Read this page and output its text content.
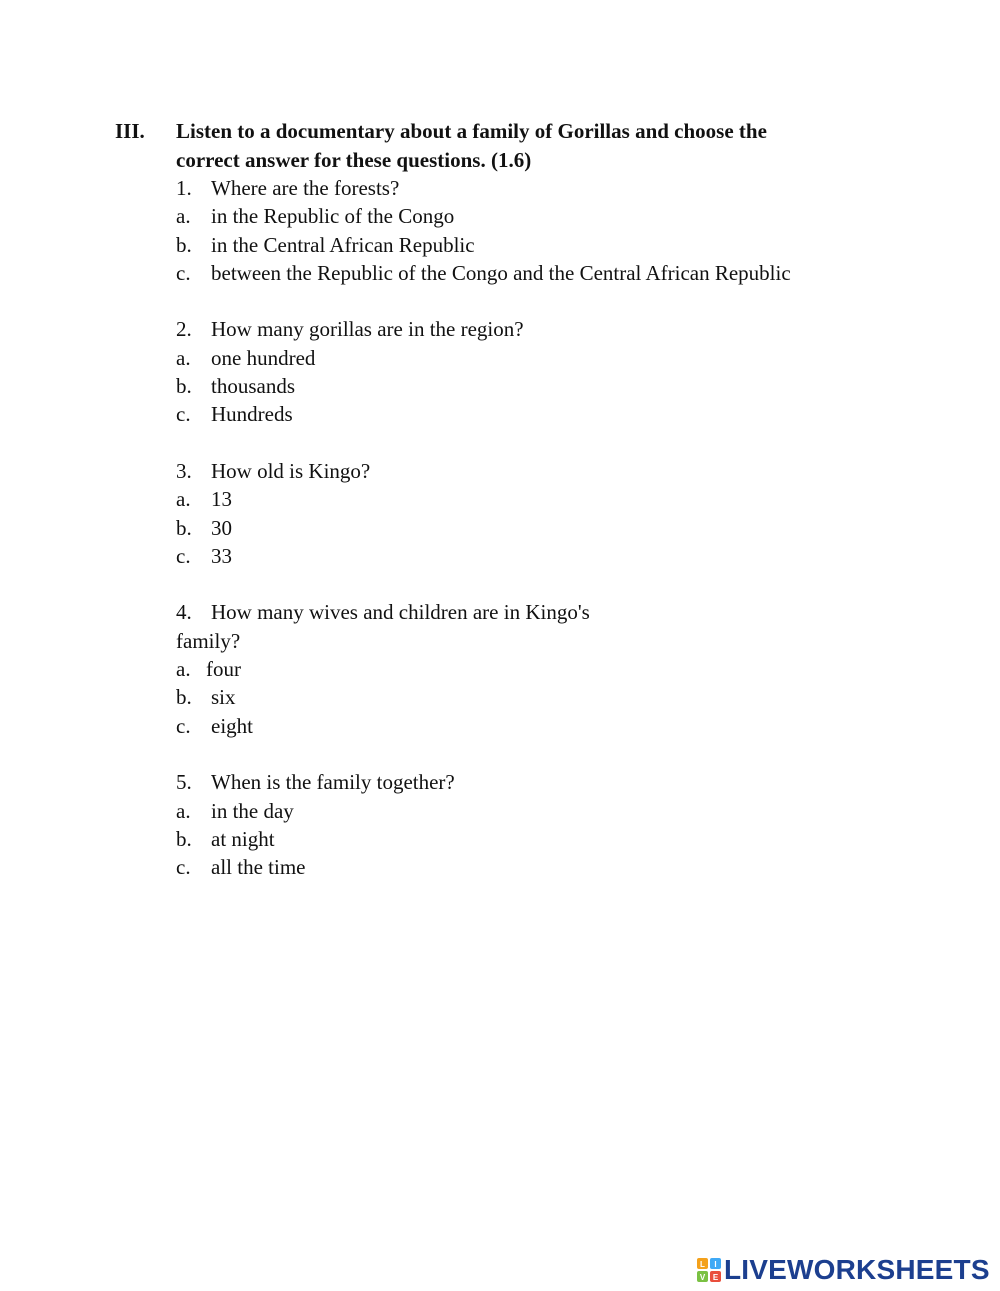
III. Listen to a documentary about a family of Gorillas and choose the
correct answer for these questions. (1.6)
1. Where are the forests?
a. in the Republic of the Congo
b. in the Central African Republic
c. between the Republic of the Congo and the Central African Republic
2. How many gorillas are in the region?
a. one hundred
b. thousands
c. Hundreds
3. How old is Kingo?
a. 13
b. 30
c. 33
4. How many wives and children are in Kingo's
family?
a. four
b. six
c. eight
5. When is the family together?
a. in the day
b. at night
c. all the time
L I
V E LIVEWORKSHEETS
